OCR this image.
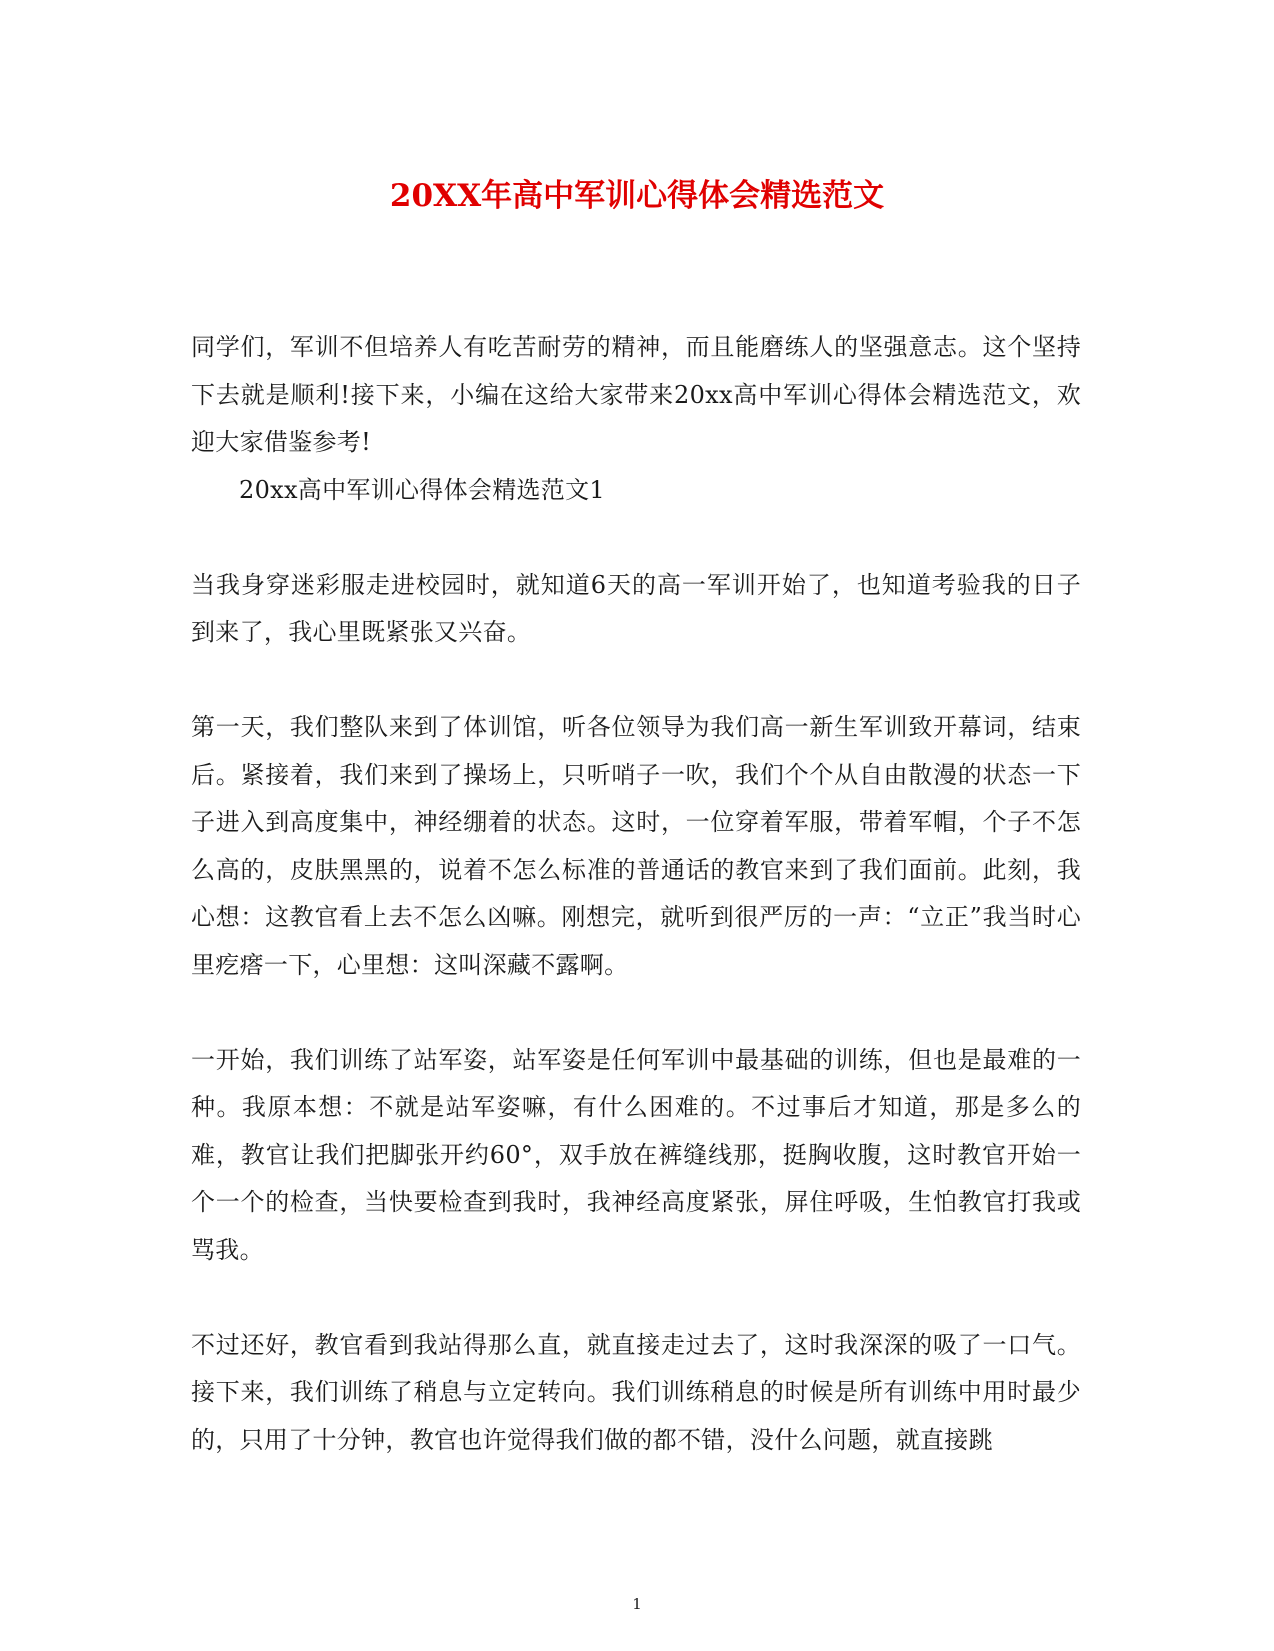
20XX年高中军训心得体会精选范文

同学们，军训不但培养人有吃苦耐劳的精神，而且能磨练人的坚强意志。这个坚持下去就是顺利!接下来，小编在这给大家带来20xx高中军训心得体会精选范文，欢迎大家借鉴参考!

20xx高中军训心得体会精选范文1

当我身穿迷彩服走进校园时，就知道6天的高一军训开始了，也知道考验我的日子到来了，我心里既紧张又兴奋。

第一天，我们整队来到了体训馆，听各位领导为我们高一新生军训致开幕词，结束后。紧接着，我们来到了操场上，只听哨子一吹，我们个个从自由散漫的状态一下子进入到高度集中，神经绷着的状态。这时，一位穿着军服，带着军帽，个子不怎么高的，皮肤黑黑的，说着不怎么标准的普通话的教官来到了我们面前。此刻，我心想：这教官看上去不怎么凶嘛。刚想完，就听到很严厉的一声：“立正”我当时心里疙瘩一下，心里想：这叫深藏不露啊。

一开始，我们训练了站军姿，站军姿是任何军训中最基础的训练，但也是最难的一种。我原本想：不就是站军姿嘛，有什么困难的。不过事后才知道，那是多么的难，教官让我们把脚张开约60°，双手放在裤缝线那，挺胸收腹，这时教官开始一个一个的检查，当快要检查到我时，我神经高度紧张，屏住呼吸，生怕教官打我或骂我。

不过还好，教官看到我站得那么直，就直接走过去了，这时我深深的吸了一口气。接下来，我们训练了稍息与立定转向。我们训练稍息的时候是所有训练中用时最少的，只用了十分钟，教官也许觉得我们做的都不错，没什么问题，就直接跳

1
